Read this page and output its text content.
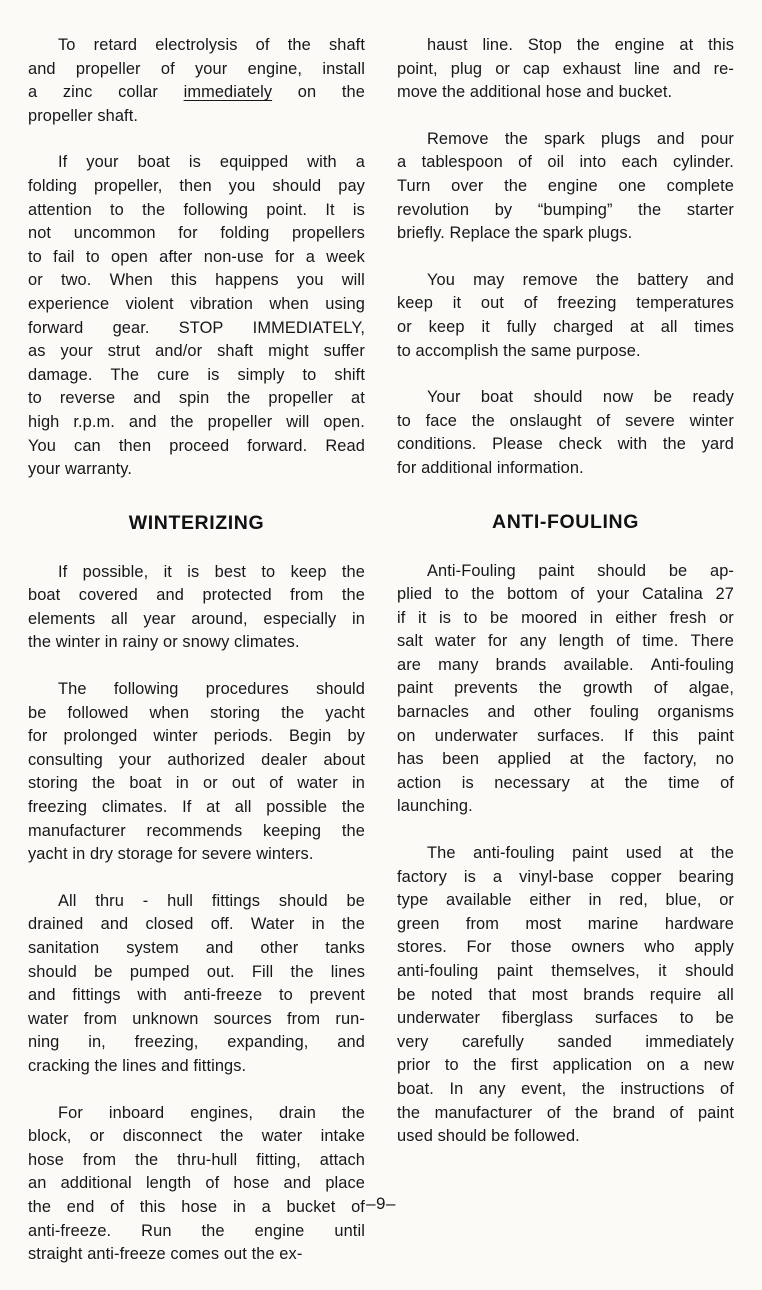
To retard electrolysis of the shaft
and propeller of your engine, install
a zinc collar immediately on the
propeller shaft.
If your boat is equipped with a
folding propeller, then you should pay
attention to the following point. It is
not uncommon for folding propellers
to fail to open after non-use for a week
or two. When this happens you will
experience violent vibration when using
forward gear. STOP IMMEDIATELY,
as your strut and/or shaft might suffer
damage. The cure is simply to shift
to reverse and spin the propeller at
high r.p.m. and the propeller will open.
You can then proceed forward. Read
your warranty.
WINTERIZING
If possible, it is best to keep the
boat covered and protected from the
elements all year around, especially in
the winter in rainy or snowy climates.
The following procedures should
be followed when storing the yacht
for prolonged winter periods. Begin by
consulting your authorized dealer about
storing the boat in or out of water in
freezing climates. If at all possible the
manufacturer recommends keeping the
yacht in dry storage for severe winters.
All thru - hull fittings should be
drained and closed off. Water in the
sanitation system and other tanks
should be pumped out. Fill the lines
and fittings with anti-freeze to prevent
water from unknown sources from run-
ning in, freezing, expanding, and
cracking the lines and fittings.
For inboard engines, drain the
block, or disconnect the water intake
hose from the thru-hull fitting, attach
an additional length of hose and place
the end of this hose in a bucket of
anti-freeze. Run the engine until
straight anti-freeze comes out the ex-
haust line. Stop the engine at this
point, plug or cap exhaust line and re-
move the additional hose and bucket.
Remove the spark plugs and pour
a tablespoon of oil into each cylinder.
Turn over the engine one complete
revolution by “bumping” the starter
briefly. Replace the spark plugs.
You may remove the battery and
keep it out of freezing temperatures
or keep it fully charged at all times
to accomplish the same purpose.
Your boat should now be ready
to face the onslaught of severe winter
conditions. Please check with the yard
for additional information.
ANTI-FOULING
Anti-Fouling paint should be ap-
plied to the bottom of your Catalina 27
if it is to be moored in either fresh or
salt water for any length of time. There
are many brands available. Anti-fouling
paint prevents the growth of algae,
barnacles and other fouling organisms
on underwater surfaces. If this paint
has been applied at the factory, no
action is necessary at the time of
launching.
The anti-fouling paint used at the
factory is a vinyl-base copper bearing
type available either in red, blue, or
green from most marine hardware
stores. For those owners who apply
anti-fouling paint themselves, it should
be noted that most brands require all
underwater fiberglass surfaces to be
very carefully sanded immediately
prior to the first application on a new
boat. In any event, the instructions of
the manufacturer of the brand of paint
used should be followed.
–9–
